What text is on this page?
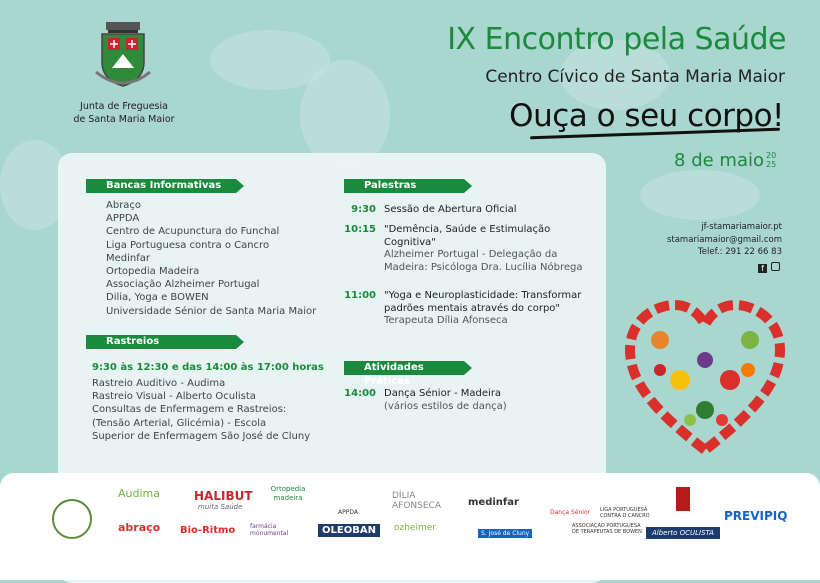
Junta de Freguesia
de Santa Maria Maior
IX Encontro pela Saúde
Centro Cívico de Santa Maria Maior
Ouça o seu corpo!
8 de maio 20
25
Bancas Informativas
Abraço
APPDA
Centro de Acupunctura do Funchal
Liga Portuguesa contra o Cancro
Medinfar
Ortopedia Madeira
Associação Alzheimer Portugal
Dilia, Yoga e BOWEN
Universidade Sénior de Santa Maria Maior
Rastreios
9:30 às 12:30 e das 14:00 às 17:00 horas
Rastreio Auditivo - Audima
Rastreio Visual - Alberto Oculista
Consultas de Enfermagem e Rastreios:
(Tensão Arterial, Glicémia) - Escola
Superior de Enfermagem São José de Cluny
Palestras
9:30 Sessão de Abertura Oficial
10:15 "Demência, Saúde e Estimulação Cognitiva"
Alzheimer Portugal - Delegação da Madeira: Psicóloga Dra. Lucília Nóbrega
11:00 "Yoga e Neuroplasticidade: Transformar padrões mentais através do corpo"
Terapeuta Dília Afonseca
Atividades Práticas
14:00 Dança Sénior - Madeira
(vários estilos de dança)
jf-stamariamaior.pt
stamariamaior@gmail.com
Telef.: 291 22 66 83
f
Audima	HALIBUT
muita Saúde
Ortopedia madeira
APPDA
DÍLIA AFONSECA	medinfar
Dança Sénior LIGA PORTUGUESA CONTRA O CANCRO	PREVIPIQ
abraço Bio-Ritmo farmácia monumental	OLEOBAN	ozheimer
S. José de Cluny
ASSOCIAÇÃO PORTUGUESA DE TERAPEUTAS DE BOWEN	Alberto OCULISTA
